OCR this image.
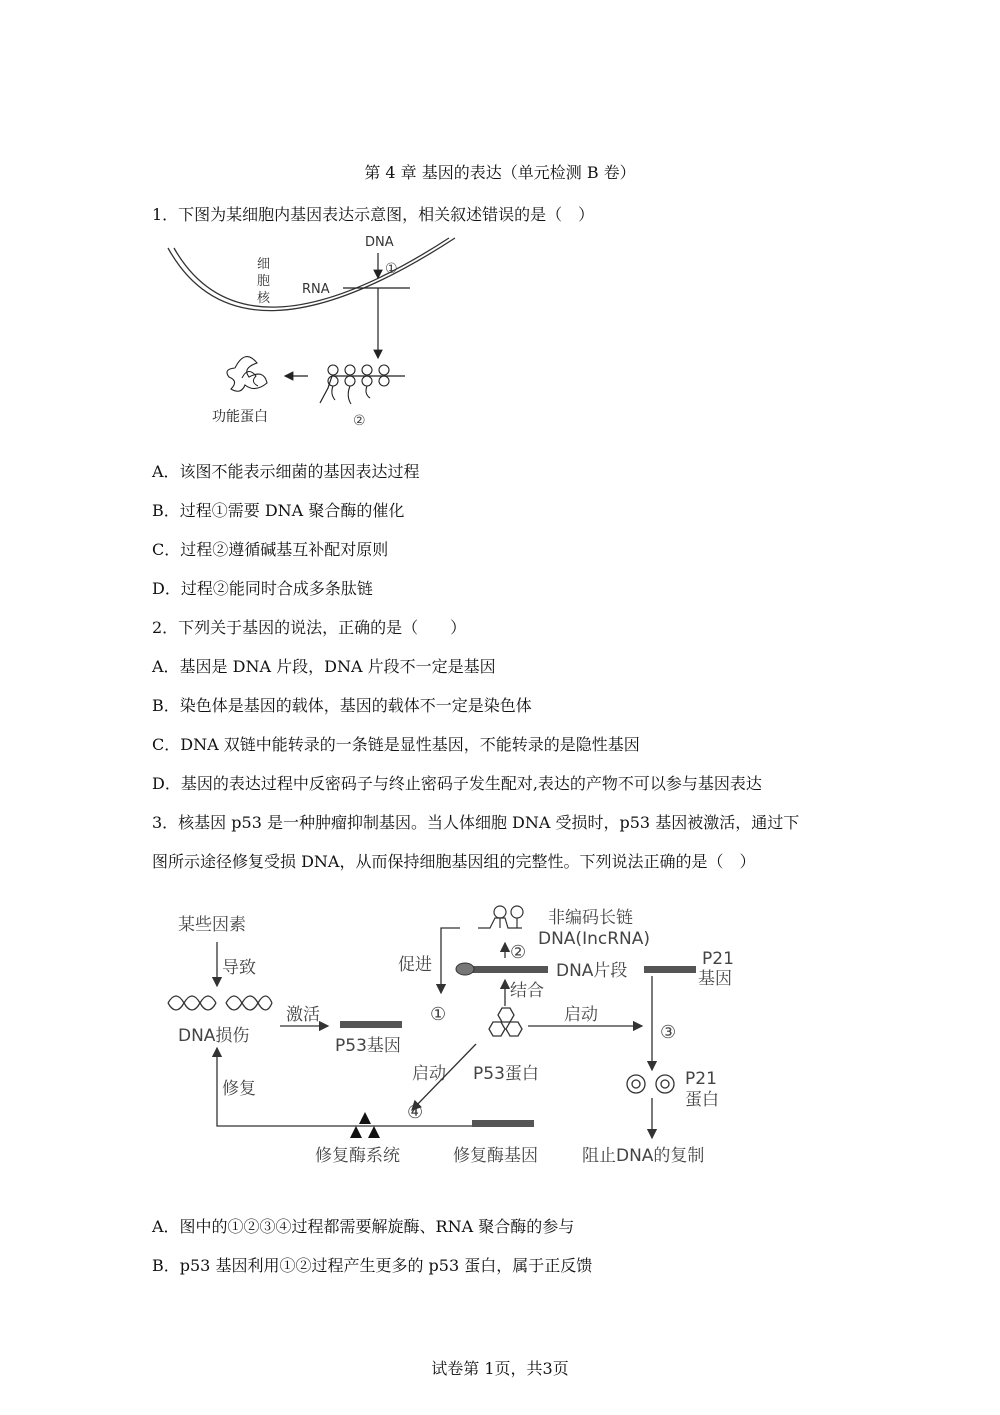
第 4 章 基因的表达（单元检测 B 卷）
1．下图为某细胞内基因表达示意图，相关叙述错误的是（　）
细
胞
核
DNA
①
RNA
②
功能蛋白
A．该图不能表示细菌的基因表达过程
B．过程①需要 DNA 聚合酶的催化
C．过程②遵循碱基互补配对原则
D．过程②能同时合成多条肽链
2．下列关于基因的说法，正确的是（　　）
A．基因是 DNA 片段，DNA 片段不一定是基因
B．染色体是基因的载体，基因的载体不一定是染色体
C．DNA 双链中能转录的一条链是显性基因，不能转录的是隐性基因
D．基因的表达过程中反密码子与终止密码子发生配对,表达的产物不可以参与基因表达
3．核基因 p53 是一种肿瘤抑制基因。当人体细胞 DNA 受损时，p53 基因被激活，通过下
图所示途径修复受损 DNA，从而保持细胞基因组的完整性。下列说法正确的是（　）
某些因素
导致
DNA损伤
激活
P53基因
修复
促进
非编码长链
DNA(IncRNA)
结合
DNA片段
P21
基因
启动
P53蛋白
启动	P21
蛋白
修复酶系统	修复酶基因	阻止DNA的复制
①
②
③
④
A．图中的①②③④过程都需要解旋酶、RNA 聚合酶的参与
B．p53 基因利用①②过程产生更多的 p53 蛋白，属于正反馈
试卷第 1页，共3页
